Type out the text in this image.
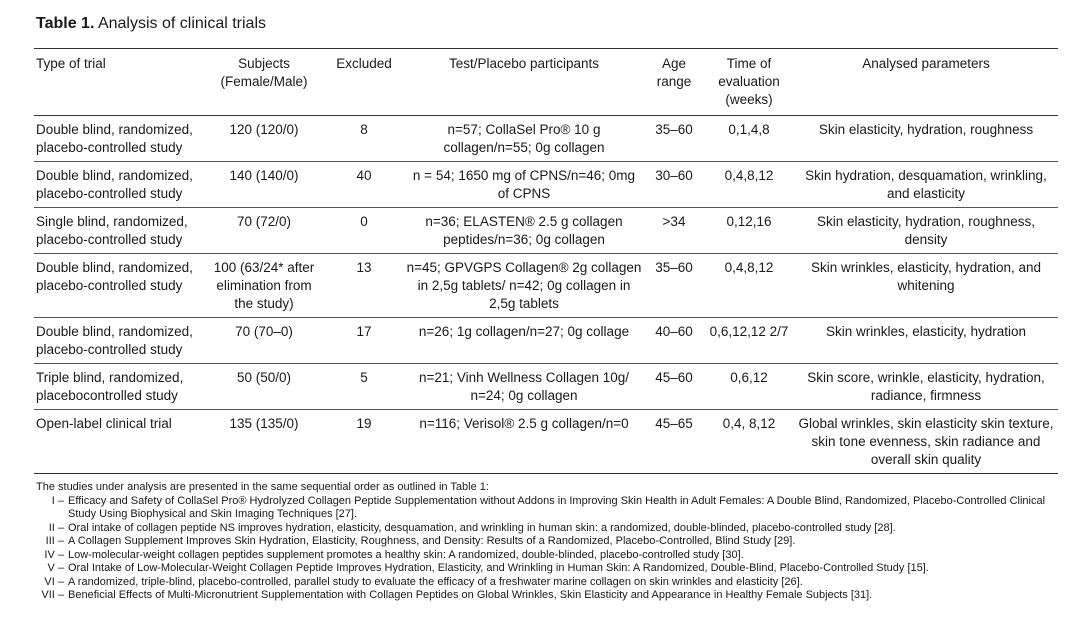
Table 1. Analysis of clinical trials
Type of trial	Subjects (Female/Male)	Excluded	Test/Placebo participants	Age range	Time of evaluation (weeks)	Analysed parameters
Double blind, randomized, placebo-controlled study	120 (120/0)	8	n=57; CollaSel Pro® 10 g collagen/n=55; 0g collagen	35–60	0,1,4,8	Skin elasticity, hydration, roughness
Double blind, randomized, placebo-controlled study	140 (140/0)	40	n = 54; 1650 mg of CPNS/n=46; 0mg of CPNS	30–60	0,4,8,12	Skin hydration, desquamation, wrinkling, and elasticity
Single blind, randomized, placebo-controlled study	70 (72/0)	0	n=36; ELASTEN® 2.5 g collagen peptides/n=36; 0g collagen	>34	0,12,16	Skin elasticity, hydration, roughness, density
Double blind, randomized, placebo-controlled study	100 (63/24* after elimination from the study)	13	n=45; GPVGPS Collagen® 2g collagen in 2,5g tablets/ n=42; 0g collagen in 2,5g tablets	35–60	0,4,8,12	Skin wrinkles, elasticity, hydration, and whitening
Double blind, randomized, placebo-controlled study	70 (70–0)	17	n=26; 1g collagen/n=27; 0g collage	40–60	0,6,12,12 2/7	Skin wrinkles, elasticity, hydration
Triple blind, randomized, placebocontrolled study	50 (50/0)	5	n=21; Vinh Wellness Collagen 10g/ n=24; 0g collagen	45–60	0,6,12	Skin score, wrinkle, elasticity, hydration, radiance, firmness
Open-label clinical trial	135 (135/0)	19	n=116; Verisol® 2.5 g collagen/n=0	45–65	0,4, 8,12	Global wrinkles, skin elasticity skin texture, skin tone evenness, skin radiance and overall skin quality
The studies under analysis are presented in the same sequential order as outlined in Table 1:
I – Efficacy and Safety of CollaSel Pro® Hydrolyzed Collagen Peptide Supplementation without Addons in Improving Skin Health in Adult Females: A Double Blind, Randomized, Placebo-Controlled Clinical Study Using Biophysical and Skin Imaging Techniques [27].
II – Oral intake of collagen peptide NS improves hydration, elasticity, desquamation, and wrinkling in human skin: a randomized, double-blinded, placebo-controlled study [28].
III – A Collagen Supplement Improves Skin Hydration, Elasticity, Roughness, and Density: Results of a Randomized, Placebo-Controlled, Blind Study [29].
IV – Low-molecular-weight collagen peptides supplement promotes a healthy skin: A randomized, double-blinded, placebo-controlled study [30].
V – Oral Intake of Low-Molecular-Weight Collagen Peptide Improves Hydration, Elasticity, and Wrinkling in Human Skin: A Randomized, Double-Blind, Placebo-Controlled Study [15].
VI – A randomized, triple‐blind, placebo‐controlled, parallel study to evaluate the efficacy of a freshwater marine collagen on skin wrinkles and elasticity [26].
VII – Beneficial Effects of Multi-Micronutrient Supplementation with Collagen Peptides on Global Wrinkles, Skin Elasticity and Appearance in Healthy Female Subjects [31].
